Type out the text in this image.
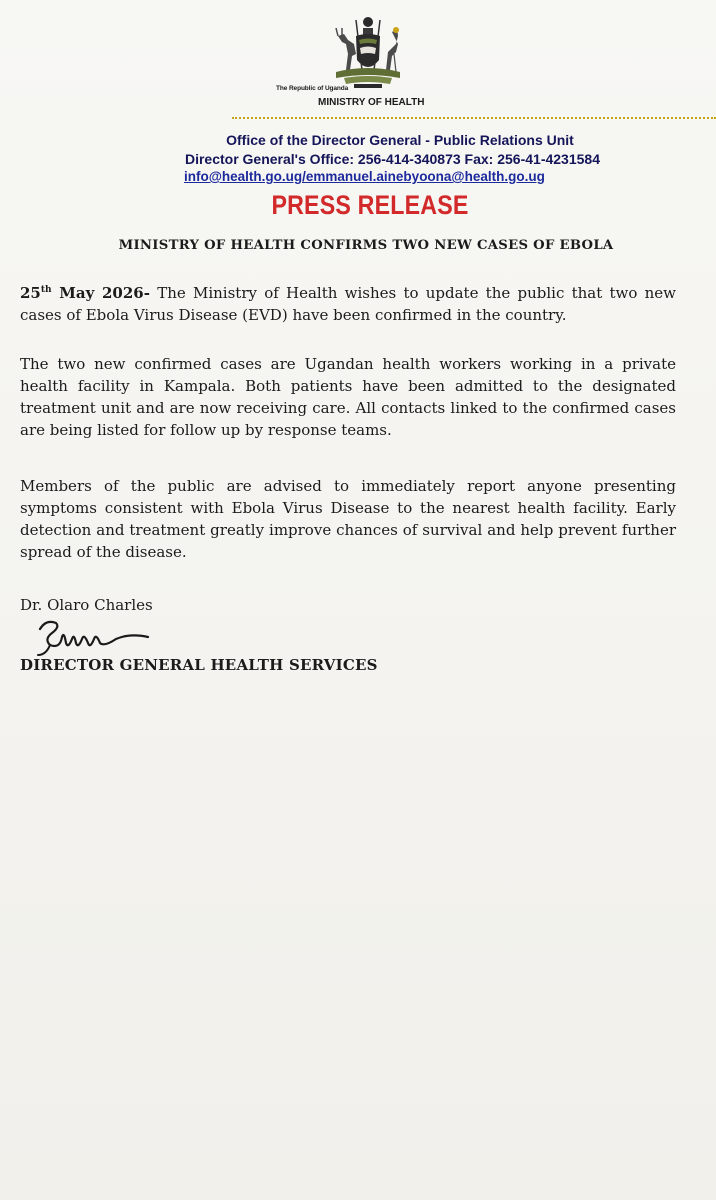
The Republic of Uganda
MINISTRY OF HEALTH
Office of the Director General - Public Relations Unit
Director General's Office: 256-414-340873 Fax: 256-41-4231584
info@health.go.ug/emmanuel.ainebyoona@health.go.ug
PRESS RELEASE
MINISTRY OF HEALTH CONFIRMS TWO NEW CASES OF EBOLA
25th May 2026- The Ministry of Health wishes to update the public that two new cases of Ebola Virus Disease (EVD) have been confirmed in the country.
The two new confirmed cases are Ugandan health workers working in a private health facility in Kampala. Both patients have been admitted to the designated treatment unit and are now receiving care. All contacts linked to the confirmed cases are being listed for follow up by response teams.
Members of the public are advised to immediately report anyone presenting symptoms consistent with Ebola Virus Disease to the nearest health facility. Early detection and treatment greatly improve chances of survival and help prevent further spread of the disease.
Dr. Olaro Charles
DIRECTOR GENERAL HEALTH SERVICES
